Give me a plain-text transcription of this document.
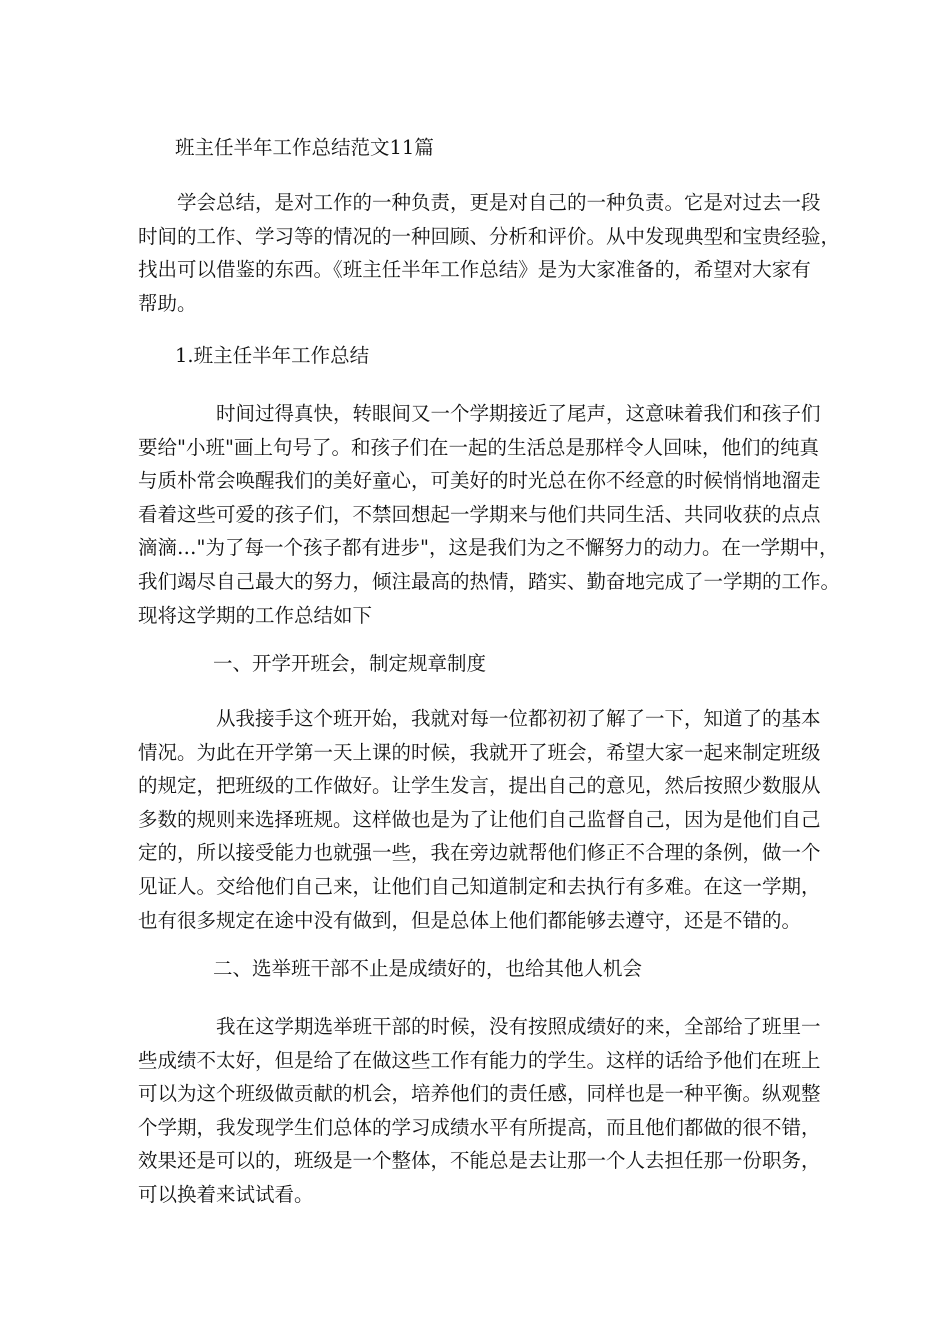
班主任半年工作总结范文11篇
　　学会总结，是对工作的一种负责，更是对自己的一种负责。它是对过去一段
时间的工作、学习等的情况的一种回顾、分析和评价。从中发现典型和宝贵经验，
找出可以借鉴的东西。《班主任半年工作总结》是为大家准备的，希望对大家有
帮助。
1.班主任半年工作总结
　　　　时间过得真快，转眼间又一个学期接近了尾声，这意味着我们和孩子们
要给"小班"画上句号了。和孩子们在一起的生活总是那样令人回味，他们的纯真
与质朴常会唤醒我们的美好童心，可美好的时光总在你不经意的时候悄悄地溜走
看着这些可爱的孩子们，不禁回想起一学期来与他们共同生活、共同收获的点点
滴滴…"为了每一个孩子都有进步"，这是我们为之不懈努力的动力。在一学期中，
我们竭尽自己最大的努力，倾注最高的热情，踏实、勤奋地完成了一学期的工作。
现将这学期的工作总结如下
一、开学开班会，制定规章制度
　　　　从我接手这个班开始，我就对每一位都初初了解了一下，知道了的基本
情况。为此在开学第一天上课的时候，我就开了班会，希望大家一起来制定班级
的规定，把班级的工作做好。让学生发言，提出自己的意见，然后按照少数服从
多数的规则来选择班规。这样做也是为了让他们自己监督自己，因为是他们自己
定的，所以接受能力也就强一些，我在旁边就帮他们修正不合理的条例，做一个
见证人。交给他们自己来，让他们自己知道制定和去执行有多难。在这一学期，
也有很多规定在途中没有做到，但是总体上他们都能够去遵守，还是不错的。
二、选举班干部不止是成绩好的，也给其他人机会
　　　　我在这学期选举班干部的时候，没有按照成绩好的来，全部给了班里一
些成绩不太好，但是给了在做这些工作有能力的学生。这样的话给予他们在班上
可以为这个班级做贡献的机会，培养他们的责任感，同样也是一种平衡。纵观整
个学期，我发现学生们总体的学习成绩水平有所提高，而且他们都做的很不错，
效果还是可以的，班级是一个整体，不能总是去让那一个人去担任那一份职务，
可以换着来试试看。
